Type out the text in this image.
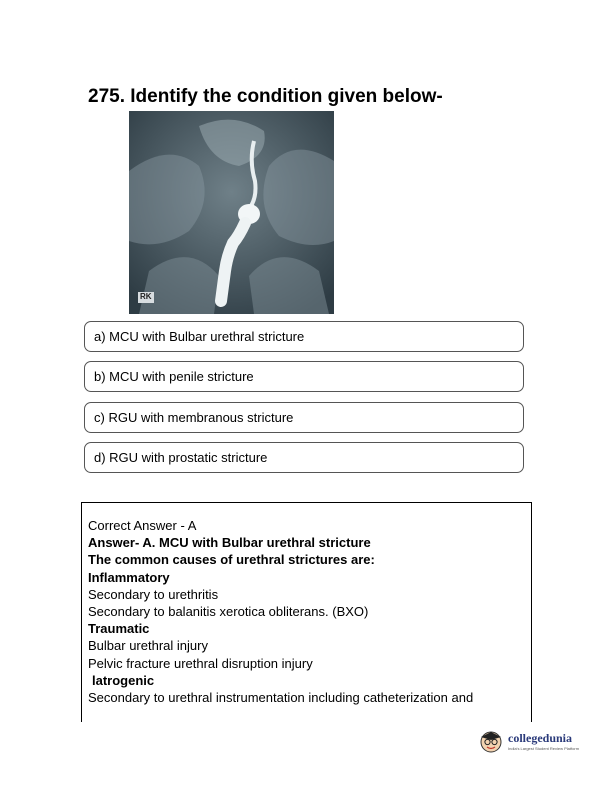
275. Identify the condition given below-
RK
a) MCU with Bulbar urethral stricture
b) MCU with penile stricture
c) RGU with membranous stricture
d) RGU with prostatic stricture
Correct Answer - A
Answer- A. MCU with Bulbar urethral stricture
The common causes of urethral strictures are:
Inflammatory
Secondary to urethritis
Secondary to balanitis xerotica obliterans. (BXO)
Traumatic
Bulbar urethral injury
Pelvic fracture urethral disruption injury
latrogenic
Secondary to urethral instrumentation including catheterization and
collegedunia
India's Largest Student Review Platform
